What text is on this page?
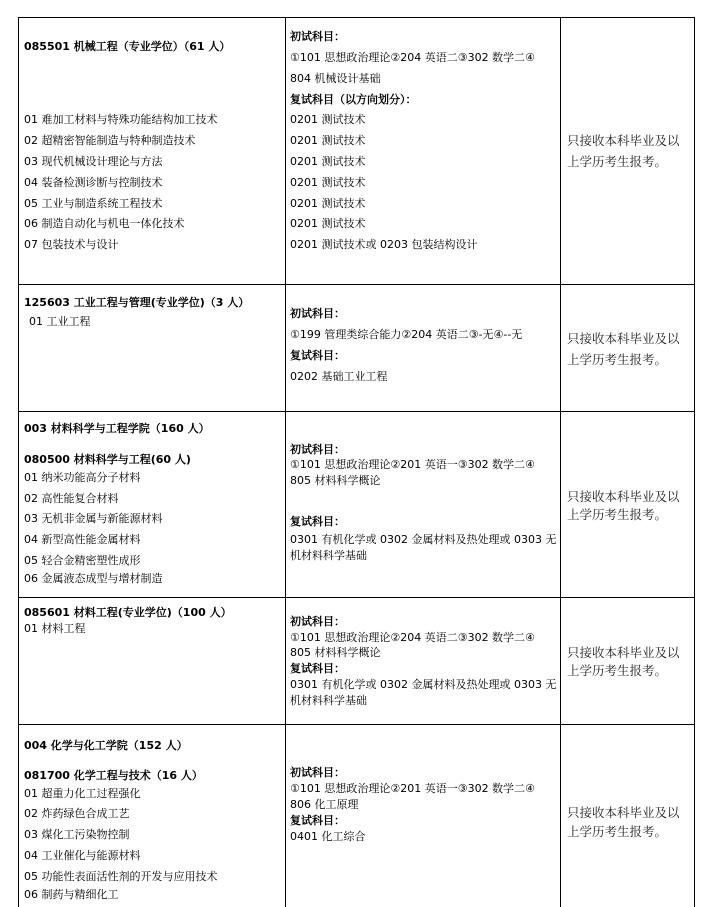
085501 机械工程（专业学位）（61 人）
01 难加工材料与特殊功能结构加工技术
02 超精密智能制造与特种制造技术
03 现代机械设计理论与方法
04 装备检测诊断与控制技术
05 工业与制造系统工程技术
06 制造自动化与机电一体化技术
07 包装技术与设计
初试科目：
①101 思想政治理论②204 英语二③302 数学二④
804 机械设计基础
复试科目（以方向划分）：
0201 测试技术
0201 测试技术
0201 测试技术
0201 测试技术
0201 测试技术
0201 测试技术
0201 测试技术或 0203 包装结构设计
只接收本科毕业及以
上学历考生报考。
125603 工业工程与管理(专业学位)（3 人）
01 工业工程
初试科目：
①199 管理类综合能力②204 英语二③-无④--无
复试科目：
0202 基础工业工程
只接收本科毕业及以
上学历考生报考。
003 材料科学与工程学院（160 人）
080500 材料科学与工程(60 人)
01 纳米功能高分子材料
02 高性能复合材料
03 无机非金属与新能源材料
04 新型高性能金属材料
05 轻合金精密塑性成形
06 金属液态成型与增材制造
初试科目：
①101 思想政治理论②201 英语一③302 数学二④
805 材料科学概论
复试科目：
0301 有机化学或 0302 金属材料及热处理或 0303 无
机材料科学基础
只接收本科毕业及以
上学历考生报考。
085601 材料工程(专业学位)（100 人）
01 材料工程
初试科目：
①101 思想政治理论②204 英语二③302 数学二④
805 材料科学概论
复试科目：
0301 有机化学或 0302 金属材料及热处理或 0303 无
机材料科学基础
只接收本科毕业及以
上学历考生报考。
004 化学与化工学院（152 人）
081700 化学工程与技术（16 人）
01 超重力化工过程强化
02 炸药绿色合成工艺
03 煤化工污染物控制
04 工业催化与能源材料
05 功能性表面活性剂的开发与应用技术
06 制药与精细化工
初试科目：
①101 思想政治理论②201 英语一③302 数学二④
806 化工原理
复试科目：
0401 化工综合
只接收本科毕业及以
上学历考生报考。
